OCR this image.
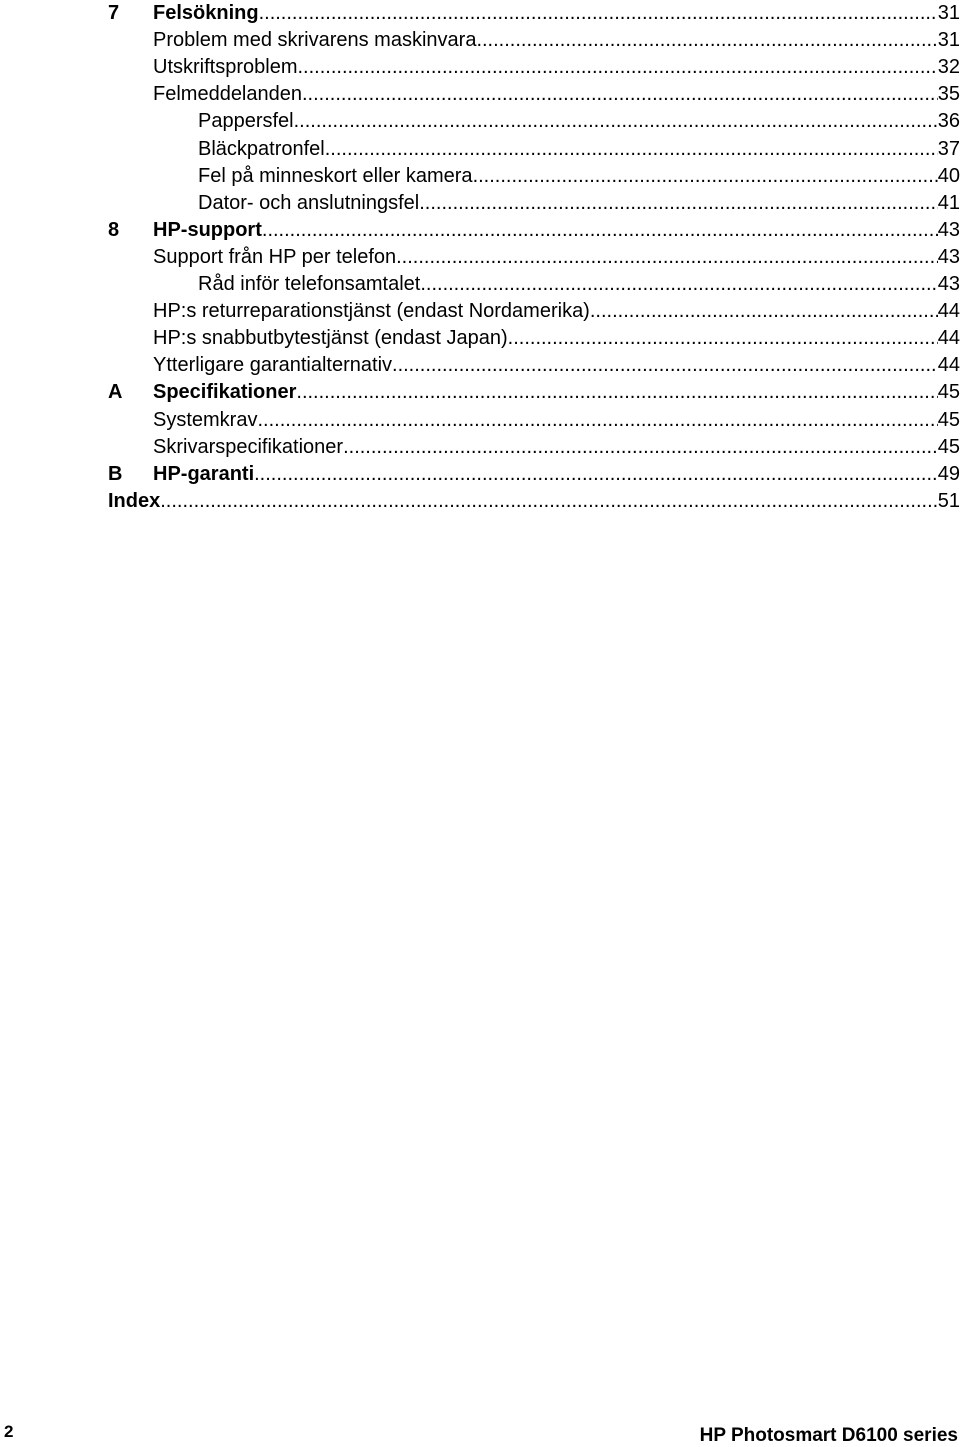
7 Felsökning .....	31
Problem med skrivarens maskinvara .....	31
Utskriftsproblem .....	32
Felmeddelanden .....	35
Pappersfel .....	36
Bläckpatronfel .....	37
Fel på minneskort eller kamera .....	40
Dator- och anslutningsfel .....	41
8 HP-support .....	43
Support från HP per telefon .....	43
Råd inför telefonsamtalet .....	43
HP:s returreparationstjänst (endast Nordamerika) .....	44
HP:s snabbutbytestjänst (endast Japan) .....	44
Ytterligare garantialternativ .....	44
A Specifikationer .....	45
Systemkrav .....	45
Skrivarspecifikationer .....	45
B HP-garanti .....	49
Index .....	51
2	HP Photosmart D6100 series
